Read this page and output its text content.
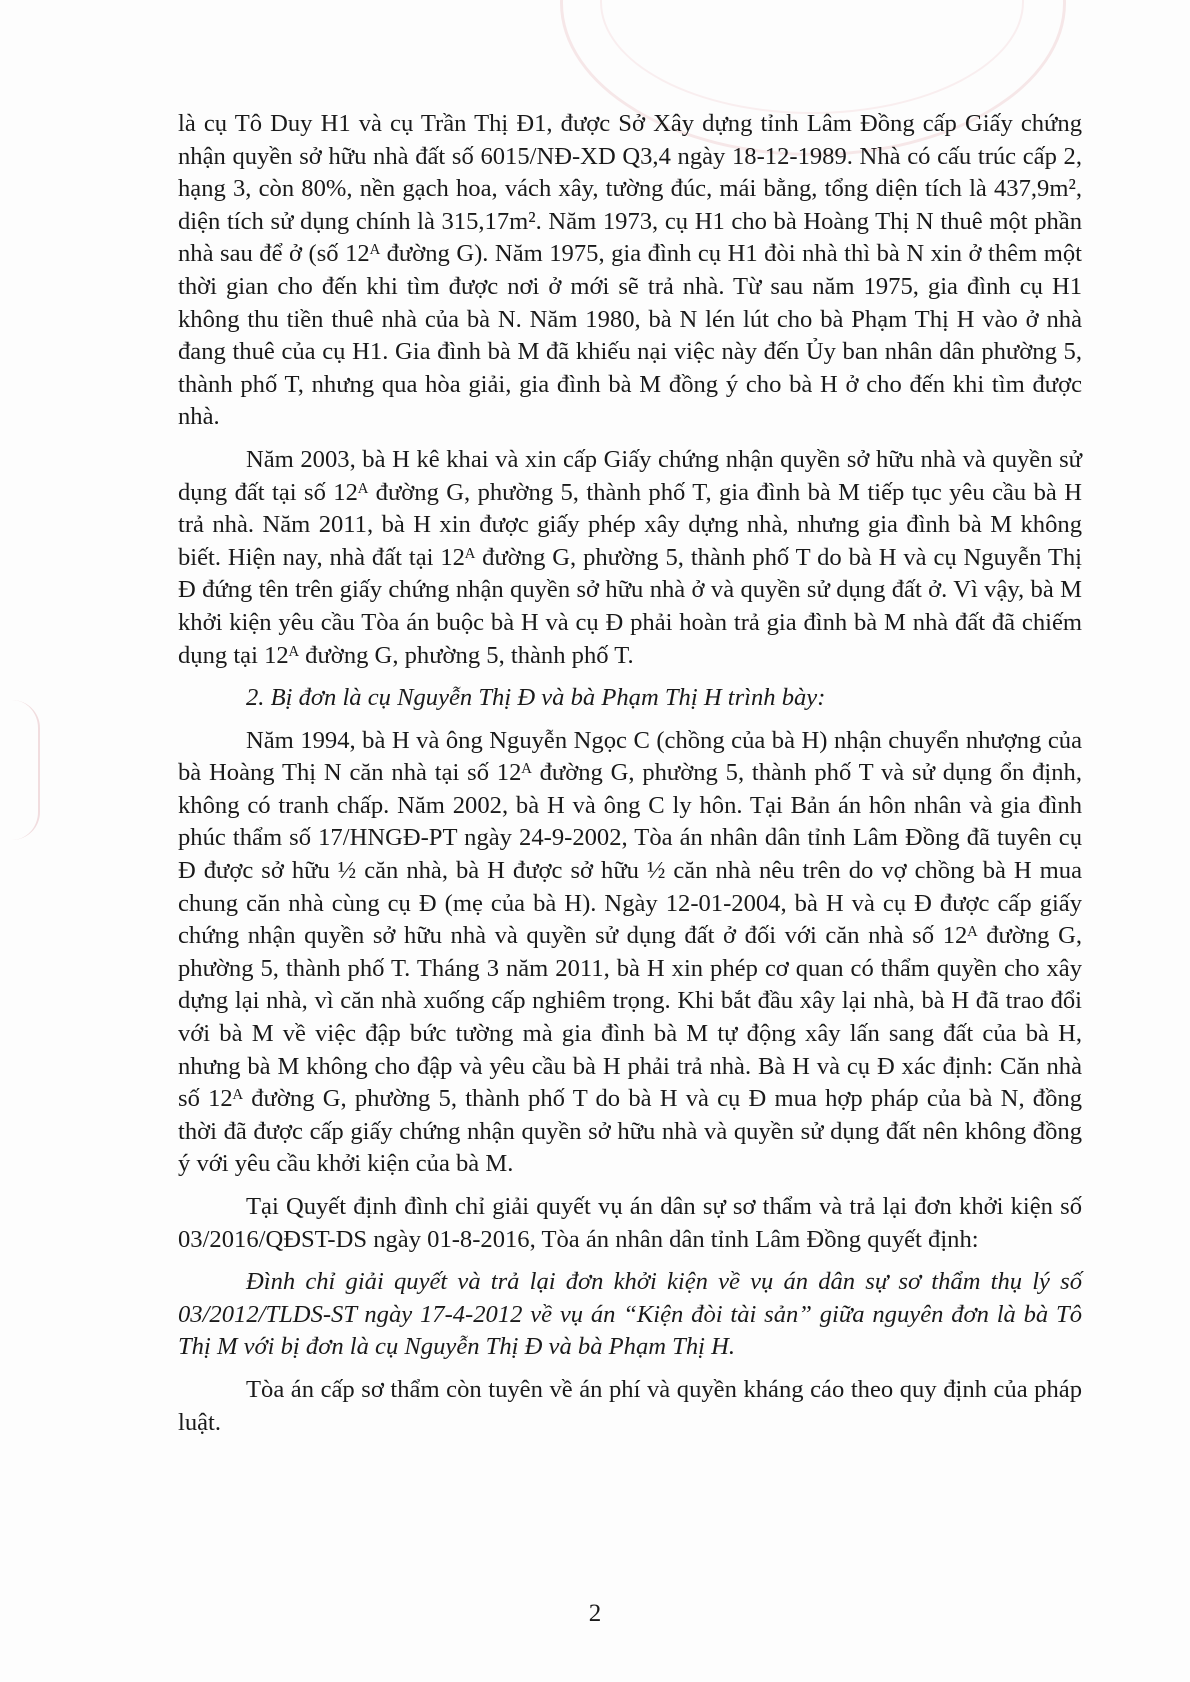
là cụ Tô Duy H1 và cụ Trần Thị Đ1, được Sở Xây dựng tỉnh Lâm Đồng cấp Giấy chứng nhận quyền sở hữu nhà đất số 6015/NĐ-XD Q3,4 ngày 18-12-1989. Nhà có cấu trúc cấp 2, hạng 3, còn 80%, nền gạch hoa, vách xây, tường đúc, mái bằng, tổng diện tích là 437,9m², diện tích sử dụng chính là 315,17m². Năm 1973, cụ H1 cho bà Hoàng Thị N thuê một phần nhà sau để ở (số 12ᴬ đường G). Năm 1975, gia đình cụ H1 đòi nhà thì bà N xin ở thêm một thời gian cho đến khi tìm được nơi ở mới sẽ trả nhà. Từ sau năm 1975, gia đình cụ H1 không thu tiền thuê nhà của bà N. Năm 1980, bà N lén lút cho bà Phạm Thị H vào ở nhà đang thuê của cụ H1. Gia đình bà M đã khiếu nại việc này đến Ủy ban nhân dân phường 5, thành phố T, nhưng qua hòa giải, gia đình bà M đồng ý cho bà H ở cho đến khi tìm được nhà.

Năm 2003, bà H kê khai và xin cấp Giấy chứng nhận quyền sở hữu nhà và quyền sử dụng đất tại số 12ᴬ đường G, phường 5, thành phố T, gia đình bà M tiếp tục yêu cầu bà H trả nhà. Năm 2011, bà H xin được giấy phép xây dựng nhà, nhưng gia đình bà M không biết. Hiện nay, nhà đất tại 12ᴬ đường G, phường 5, thành phố T do bà H và cụ Nguyễn Thị Đ đứng tên trên giấy chứng nhận quyền sở hữu nhà ở và quyền sử dụng đất ở. Vì vậy, bà M khởi kiện yêu cầu Tòa án buộc bà H và cụ Đ phải hoàn trả gia đình bà M nhà đất đã chiếm dụng tại 12ᴬ đường G, phường 5, thành phố T.

2. Bị đơn là cụ Nguyễn Thị Đ và bà Phạm Thị H trình bày:

Năm 1994, bà H và ông Nguyễn Ngọc C (chồng của bà H) nhận chuyển nhượng của bà Hoàng Thị N căn nhà tại số 12ᴬ đường G, phường 5, thành phố T và sử dụng ổn định, không có tranh chấp. Năm 2002, bà H và ông C ly hôn. Tại Bản án hôn nhân và gia đình phúc thẩm số 17/HNGĐ-PT ngày 24-9-2002, Tòa án nhân dân tỉnh Lâm Đồng đã tuyên cụ Đ được sở hữu ½ căn nhà, bà H được sở hữu ½ căn nhà nêu trên do vợ chồng bà H mua chung căn nhà cùng cụ Đ (mẹ của bà H). Ngày 12-01-2004, bà H và cụ Đ được cấp giấy chứng nhận quyền sở hữu nhà và quyền sử dụng đất ở đối với căn nhà số 12ᴬ đường G, phường 5, thành phố T. Tháng 3 năm 2011, bà H xin phép cơ quan có thẩm quyền cho xây dựng lại nhà, vì căn nhà xuống cấp nghiêm trọng. Khi bắt đầu xây lại nhà, bà H đã trao đổi với bà M về việc đập bức tường mà gia đình bà M tự động xây lấn sang đất của bà H, nhưng bà M không cho đập và yêu cầu bà H phải trả nhà. Bà H và cụ Đ xác định: Căn nhà số 12ᴬ đường G, phường 5, thành phố T do bà H và cụ Đ mua hợp pháp của bà N, đồng thời đã được cấp giấy chứng nhận quyền sở hữu nhà và quyền sử dụng đất nên không đồng ý với yêu cầu khởi kiện của bà M.

Tại Quyết định đình chỉ giải quyết vụ án dân sự sơ thẩm và trả lại đơn khởi kiện số 03/2016/QĐST-DS ngày 01-8-2016, Tòa án nhân dân tỉnh Lâm Đồng quyết định:

Đình chỉ giải quyết và trả lại đơn khởi kiện về vụ án dân sự sơ thẩm thụ lý số 03/2012/TLDS-ST ngày 17-4-2012 về vụ án “Kiện đòi tài sản” giữa nguyên đơn là bà Tô Thị M với bị đơn là cụ Nguyễn Thị Đ và bà Phạm Thị H.

Tòa án cấp sơ thẩm còn tuyên về án phí và quyền kháng cáo theo quy định của pháp luật.

2
